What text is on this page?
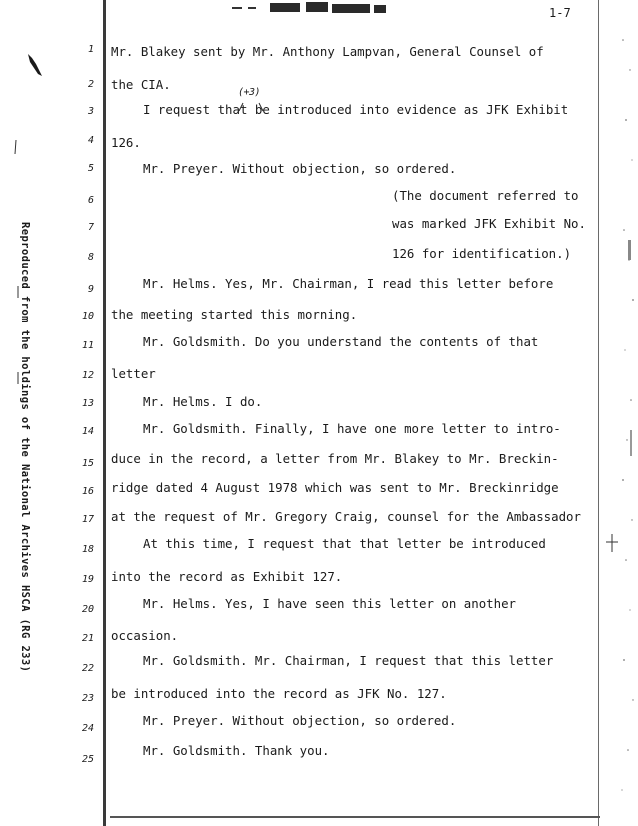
1-7
Reproduced from the holdings of the National Archives HSCA (RG 233)
1
2
3
4
5
6
7
8
9
10
11
12
13
14
15
16
17
18
19
20
21
22
23
24
25
Mr. Blakey sent by Mr. Anthony Lampvan, General Counsel of
the CIA.
I request that be introduced into evidence as JFK Exhibit
126.
Mr. Preyer. Without objection, so ordered.
(The document referred to
was marked JFK Exhibit No.
126 for identification.)
Mr. Helms. Yes, Mr. Chairman, I read this letter before
the meeting started this morning.
Mr. Goldsmith. Do you understand the contents of that
letter
Mr. Helms. I do.
Mr. Goldsmith. Finally, I have one more letter to intro-
duce in the record, a letter from Mr. Blakey to Mr. Breckin-
ridge dated 4 August 1978 which was sent to Mr. Breckinridge
at the request of Mr. Gregory Craig, counsel for the Ambassador
At this time, I request that that letter be introduced
into the record as Exhibit 127.
Mr. Helms. Yes, I have seen this letter on another
occasion.
Mr. Goldsmith. Mr. Chairman, I request that this letter
be introduced into the record as JFK No. 127.
Mr. Preyer. Without objection, so ordered.
Mr. Goldsmith. Thank you.
(+3)
